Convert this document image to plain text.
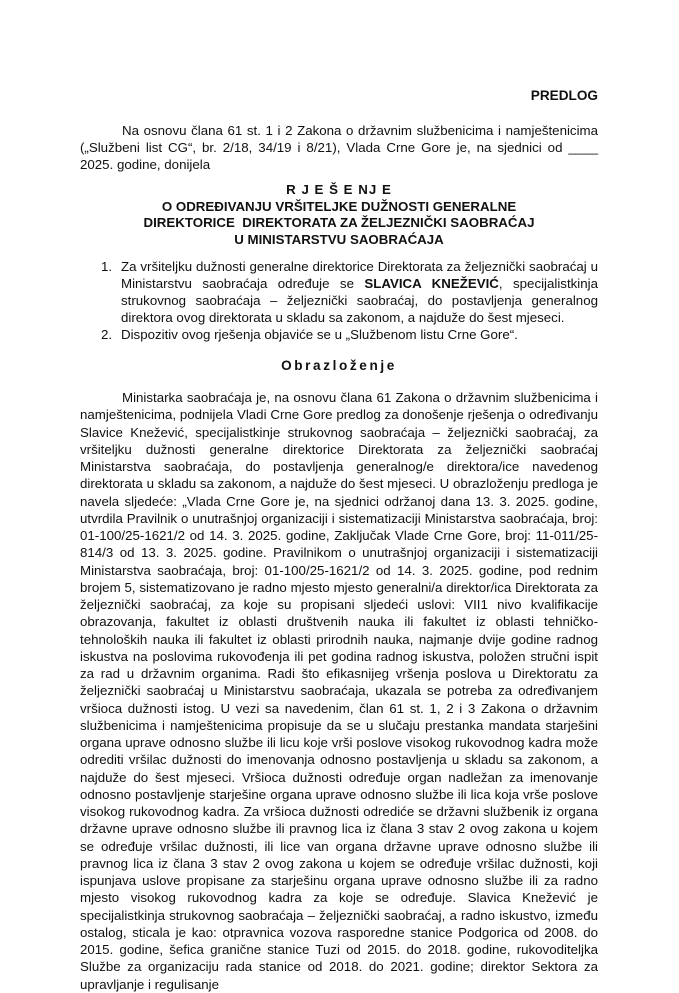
PREDLOG

Na osnovu člana 61 st. 1 i 2 Zakona o državnim službenicima i namještenicima („Službeni list CG“, br. 2/18, 34/19 i 8/21), Vlada Crne Gore je, na sjednici od ____ 2025. godine, donijela

R J E Š E NJ E
O ODREĐIVANJU VRŠITELJKE DUŽNOSTI GENERALNE
DIREKTORICE  DIREKTORATA ZA ŽELJEZNIČKI SAOBRAĆAJ
U MINISTARSTVU SAOBRAĆAJA
1. Za vršiteljku dužnosti generalne direktorice Direktorata za željeznički saobraćaj u Ministarstvu saobraćaja određuje se SLAVICA KNEŽEVIĆ, specijalistkinja strukovnog saobraćaja – željeznički saobraćaj, do postavljenja generalnog direktora ovog direktorata u skladu sa zakonom, a najduže do šest mjeseci.
2. Dispozitiv ovog rješenja objaviće se u „Službenom listu Crne Gore“.
Obrazloženje

Ministarka saobraćaja je, na osnovu člana 61 Zakona o državnim službenicima i namještenicima, podnijela Vladi Crne Gore predlog za donošenje rješenja o određivanju Slavice Knežević, specijalistkinje strukovnog saobraćaja – željeznički saobraćaj, za vršiteljku dužnosti generalne direktorice Direktorata za željeznički saobraćaj Ministarstva saobraćaja, do postavljenja generalnog/e direktora/ice navedenog direktorata u skladu sa zakonom, a najduže do šest mjeseci. U obrazloženju predloga je navela sljedeće: „Vlada Crne Gore je, na sjednici održanoj dana 13. 3. 2025. godine, utvrdila Pravilnik o unutrašnjoj organizaciji i sistematizaciji Ministarstva saobraćaja, broj: 01-100/25-1621/2 od 14. 3. 2025. godine, Zaključak Vlade Crne Gore, broj: 11-011/25-814/3 od 13. 3. 2025. godine. Pravilnikom o unutrašnjoj organizaciji i sistematizaciji Ministarstva saobraćaja, broj: 01-100/25-1621/2 od 14. 3. 2025. godine, pod rednim brojem 5, sistematizovano je radno mjesto mjesto generalni/a direktor/ica Direktorata za željeznički saobraćaj, za koje su propisani sljedeći uslovi: VII1 nivo kvalifikacije obrazovanja, fakultet iz oblasti društvenih nauka ili fakultet iz oblasti tehničko-tehnoloških nauka ili fakultet iz oblasti prirodnih nauka, najmanje dvije godine radnog iskustva na poslovima rukovođenja ili pet godina radnog iskustva, položen stručni ispit za rad u državnim organima. Radi što efikasnijeg vršenja poslova u Direktoratu za željeznički saobraćaj u Ministarstvu saobraćaja, ukazala se potreba za određivanjem vršioca dužnosti istog. U vezi sa navedenim, član 61 st. 1, 2 i 3 Zakona o državnim službenicima i namještenicima propisuje da se u slučaju prestanka mandata starješini organa uprave odnosno službe ili licu koje vrši poslove visokog rukovodnog kadra može odrediti vršilac dužnosti do imenovanja odnosno postavljenja u skladu sa zakonom, a najduže do šest mjeseci. Vršioca dužnosti određuje organ nadležan za imenovanje odnosno postavljenje starješine organa uprave odnosno službe ili lica koja vrše poslove visokog rukovodnog kadra. Za vršioca dužnosti odrediće se državni službenik iz organa državne uprave odnosno službe ili pravnog lica iz člana 3 stav 2 ovog zakona u kojem se određuje vršilac dužnosti, ili lice van organa državne uprave odnosno službe ili pravnog lica iz člana 3 stav 2 ovog zakona u kojem se određuje vršilac dužnosti, koji ispunjava uslove propisane za starješinu organa uprave odnosno službe ili za radno mjesto visokog rukovodnog kadra za koje se određuje. Slavica Knežević je specijalistkinja strukovnog saobraćaja – željeznički saobraćaj, a radno iskustvo, između ostalog, sticala je kao: otpravnica vozova rasporedne stanice Podgorica od 2008. do 2015. godine, šefica granične stanice Tuzi od 2015. do 2018. godine, rukovoditeljka Službe za organizaciju rada stanice od 2018. do 2021. godine; direktor Sektora za upravljanje i regulisanje
